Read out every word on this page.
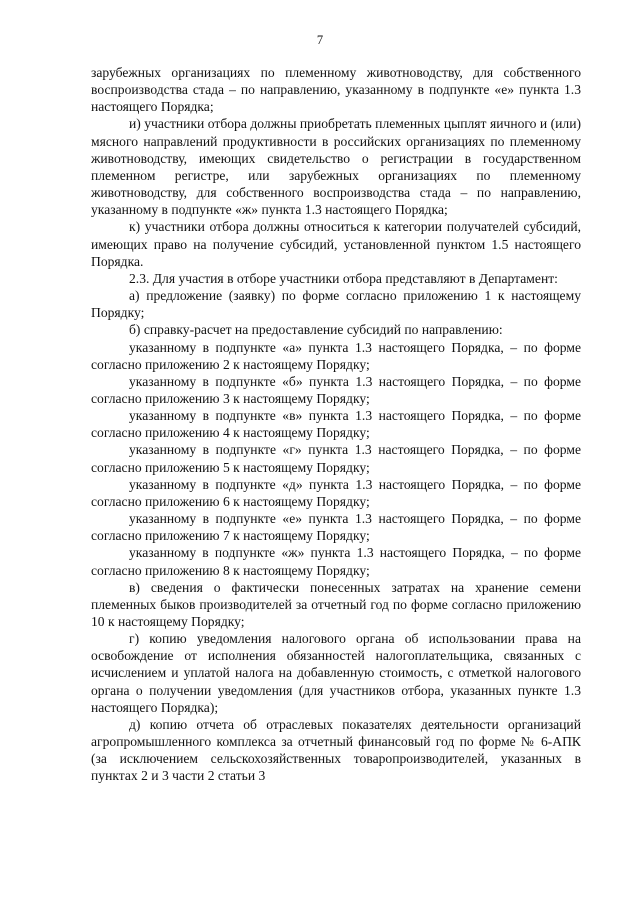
7

зарубежных организациях по племенному животноводству, для собственного воспроизводства стада – по направлению, указанному в подпункте «е» пункта 1.3 настоящего Порядка;

и) участники отбора должны приобретать племенных цыплят яичного и (или) мясного направлений продуктивности в российских организациях по племенному животноводству, имеющих свидетельство о регистрации в государственном племенном регистре, или зарубежных организациях по племенному животноводству, для собственного воспроизводства стада – по направлению, указанному в подпункте «ж» пункта 1.3 настоящего Порядка;

к) участники отбора должны относиться к категории получателей субсидий, имеющих право на получение субсидий, установленной пунктом 1.5 настоящего Порядка.

2.3. Для участия в отборе участники отбора представляют в Департамент:

а) предложение (заявку) по форме согласно приложению 1 к настоящему Порядку;

б) справку-расчет на предоставление субсидий по направлению:

указанному в подпункте «а» пункта 1.3 настоящего Порядка, – по форме согласно приложению 2 к настоящему Порядку;

указанному в подпункте «б» пункта 1.3 настоящего Порядка, – по форме согласно приложению 3 к настоящему Порядку;

указанному в подпункте «в» пункта 1.3 настоящего Порядка, – по форме согласно приложению 4 к настоящему Порядку;

указанному в подпункте «г» пункта 1.3 настоящего Порядка, – по форме согласно приложению 5 к настоящему Порядку;

указанному в подпункте «д» пункта 1.3 настоящего Порядка, – по форме согласно приложению 6 к настоящему Порядку;

указанному в подпункте «е» пункта 1.3 настоящего Порядка, – по форме согласно приложению 7 к настоящему Порядку;

указанному в подпункте «ж» пункта 1.3 настоящего Порядка, – по форме согласно приложению 8 к настоящему Порядку;

в) сведения о фактически понесенных затратах на хранение семени племенных быков производителей за отчетный год по форме согласно приложению 10 к настоящему Порядку;

г) копию уведомления налогового органа об использовании права на освобождение от исполнения обязанностей налогоплательщика, связанных с исчислением и уплатой налога на добавленную стоимость, с отметкой налогового органа о получении уведомления (для участников отбора, указанных пункте 1.3 настоящего Порядка);

д) копию отчета об отраслевых показателях деятельности организаций агропромышленного комплекса за отчетный финансовый год по форме № 6-АПК (за исключением сельскохозяйственных товаропроизводителей, указанных в пунктах 2 и 3 части 2 статьи 3
